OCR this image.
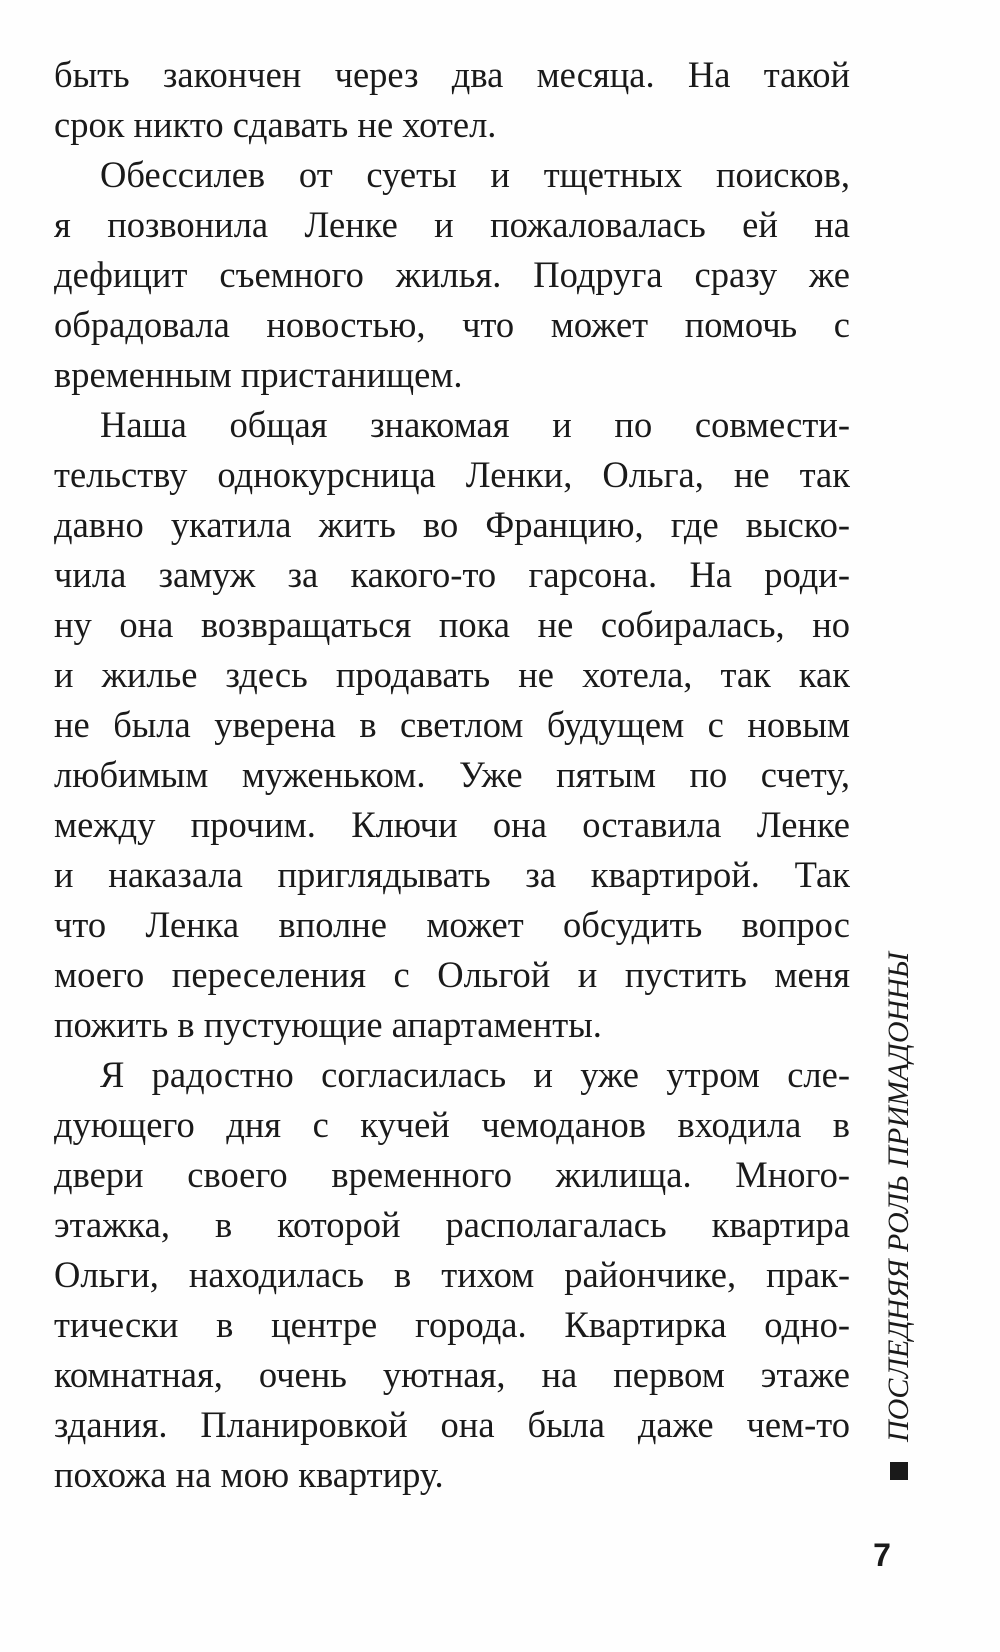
быть закончен через два месяца. На такой
срок никто сдавать не хотел.
Обессилев от суеты и тщетных поисков,
я позвонила Ленке и пожаловалась ей на
дефицит съемного жилья. Подруга сразу же
обрадовала новостью, что может помочь с
временным пристанищем.
Наша общая знакомая и по совмести-
тельству однокурсница Ленки, Ольга, не так
давно укатила жить во Францию, где выско-
чила замуж за какого-то гарсона. На роди-
ну она возвращаться пока не собиралась, но
и жилье здесь продавать не хотела, так как
не была уверена в светлом будущем с новым
любимым муженьком. Уже пятым по счету,
между прочим. Ключи она оставила Ленке
и наказала приглядывать за квартирой. Так
что Ленка вполне может обсудить вопрос
моего переселения с Ольгой и пустить меня
пожить в пустующие апартаменты.
Я радостно согласилась и уже утром сле-
дующего дня с кучей чемоданов входила в
двери своего временного жилища. Много-
этажка, в которой располагалась квартира
Ольги, находилась в тихом райончике, прак-
тически в центре города. Квартирка одно-
комнатная, очень уютная, на первом этаже
здания. Планировкой она была даже чем-то
похожа на мою квартиру.
ПОСЛЕДНЯЯ РОЛЬ ПРИМАДОННЫ
7
